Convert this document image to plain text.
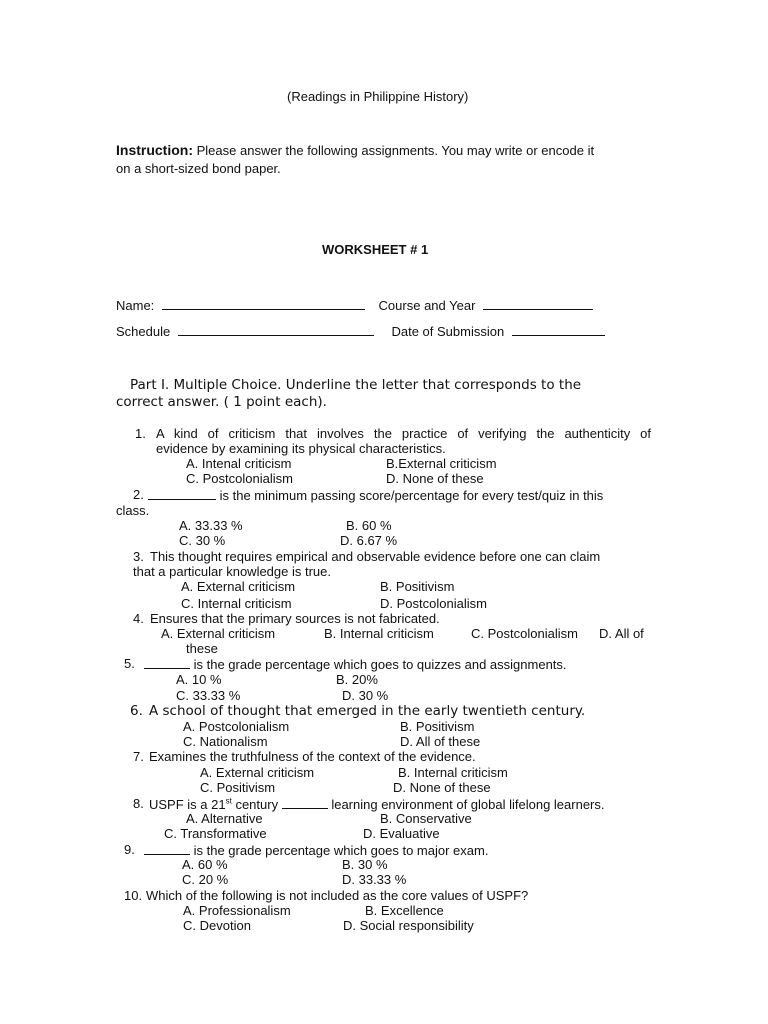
(Readings in Philippine History)
Instruction: Please answer the following assignments. You may write or encode it
on a short-sized bond paper.
WORKSHEET # 1
Name:	Course and Year
Schedule	Date of Submission
Part I. Multiple Choice. Underline the letter that corresponds to the
correct answer. ( 1 point each).
1. A kind of criticism that involves the practice of verifying the authenticity of
evidence by examining its physical characteristics.
A. Intenal criticism	B.External criticism
C. Postcolonialism	D. None of these
2.	is the minimum passing score/percentage for every test/quiz in this
class.
A. 33.33 %	B. 60 %
C. 30 %	D. 6.67 %
3. This thought requires empirical and observable evidence before one can claim
that a particular knowledge is true.
A. External criticism	B. Positivism
C. Internal criticism	D. Postcolonialism
4. Ensures that the primary sources is not fabricated.
A. External criticism	B. Internal criticism	C. Postcolonialism D. All of
these
5.	is the grade percentage which goes to quizzes and assignments.
A. 10 %	B. 20%
C. 33.33 %	D. 30 %
6. A school of thought that emerged in the early twentieth century.
A. Postcolonialism	B. Positivism
C. Nationalism	D. All of these
7. Examines the truthfulness of the context of the evidence.
A. External criticism	B. Internal criticism
C. Positivism	D. None of these
8. USPF is a 21st century	learning environment of global lifelong learners.
A. Alternative	B. Conservative
C. Transformative	D. Evaluative
9.	is the grade percentage which goes to major exam.
A. 60 %	B. 30 %
C. 20 %	D. 33.33 %
10. Which of the following is not included as the core values of USPF?
A. Professionalism	B. Excellence
C. Devotion	D. Social responsibility
